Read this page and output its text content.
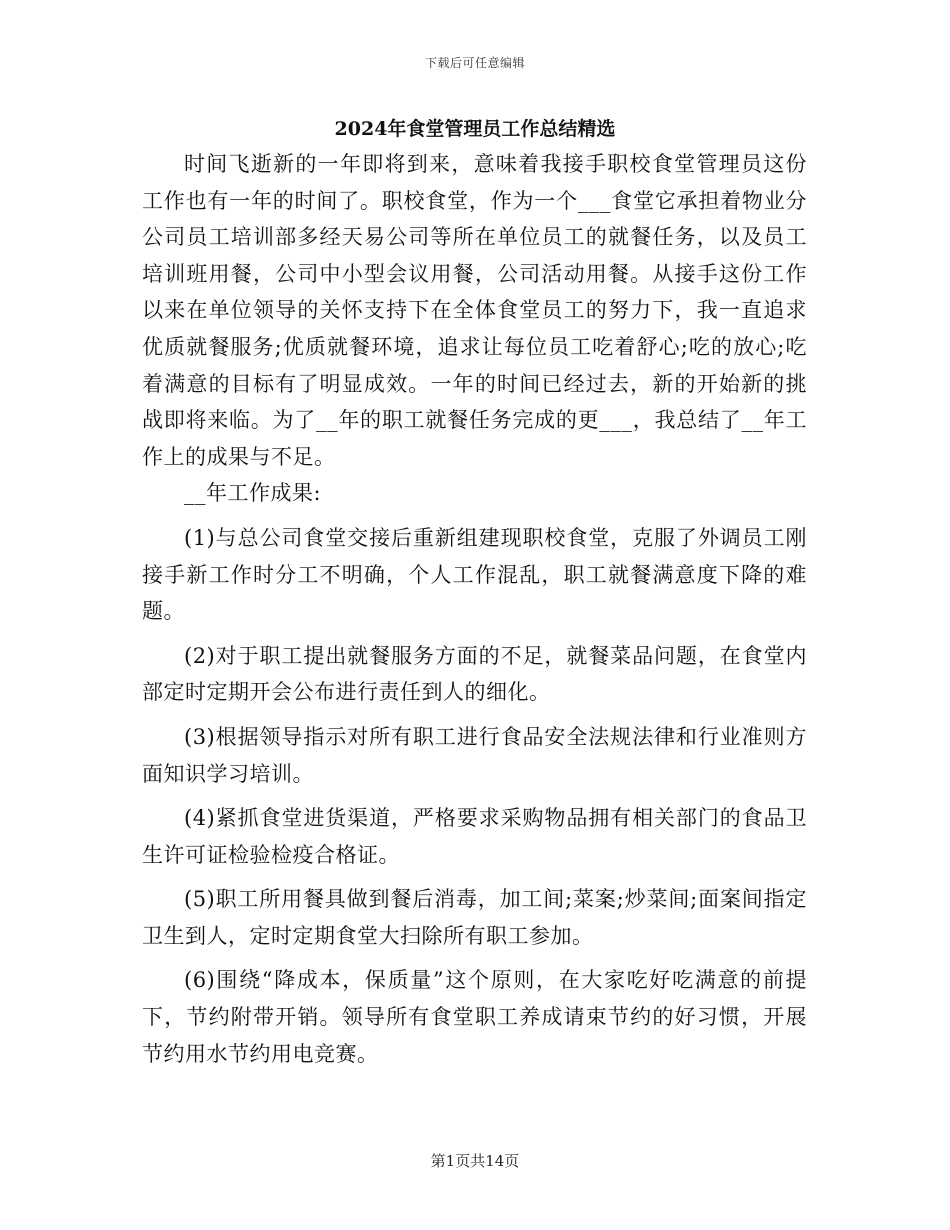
下载后可任意编辑
2024年食堂管理员工作总结精选

时间飞逝新的一年即将到来，意味着我接手职校食堂管理员这份工作也有一年的时间了。职校食堂，作为一个___食堂它承担着物业分公司员工培训部多经天易公司等所在单位员工的就餐任务，以及员工培训班用餐，公司中小型会议用餐，公司活动用餐。从接手这份工作以来在单位领导的关怀支持下在全体食堂员工的努力下，我一直追求优质就餐服务;优质就餐环境，追求让每位员工吃着舒心;吃的放心;吃着满意的目标有了明显成效。一年的时间已经过去，新的开始新的挑战即将来临。为了__年的职工就餐任务完成的更___，我总结了__年工作上的成果与不足。

__年工作成果:

(1)与总公司食堂交接后重新组建现职校食堂，克服了外调员工刚接手新工作时分工不明确，个人工作混乱，职工就餐满意度下降的难题。

(2)对于职工提出就餐服务方面的不足，就餐菜品问题，在食堂内部定时定期开会公布进行责任到人的细化。

(3)根据领导指示对所有职工进行食品安全法规法律和行业准则方面知识学习培训。

(4)紧抓食堂进货渠道，严格要求采购物品拥有相关部门的食品卫生许可证检验检疫合格证。

(5)职工所用餐具做到餐后消毒，加工间;菜案;炒菜间;面案间指定卫生到人，定时定期食堂大扫除所有职工参加。

(6)围绕“降成本，保质量”这个原则，在大家吃好吃满意的前提下，节约附带开销。领导所有食堂职工养成请束节约的好习惯，开展节约用水节约用电竞赛。

第1页共14页
